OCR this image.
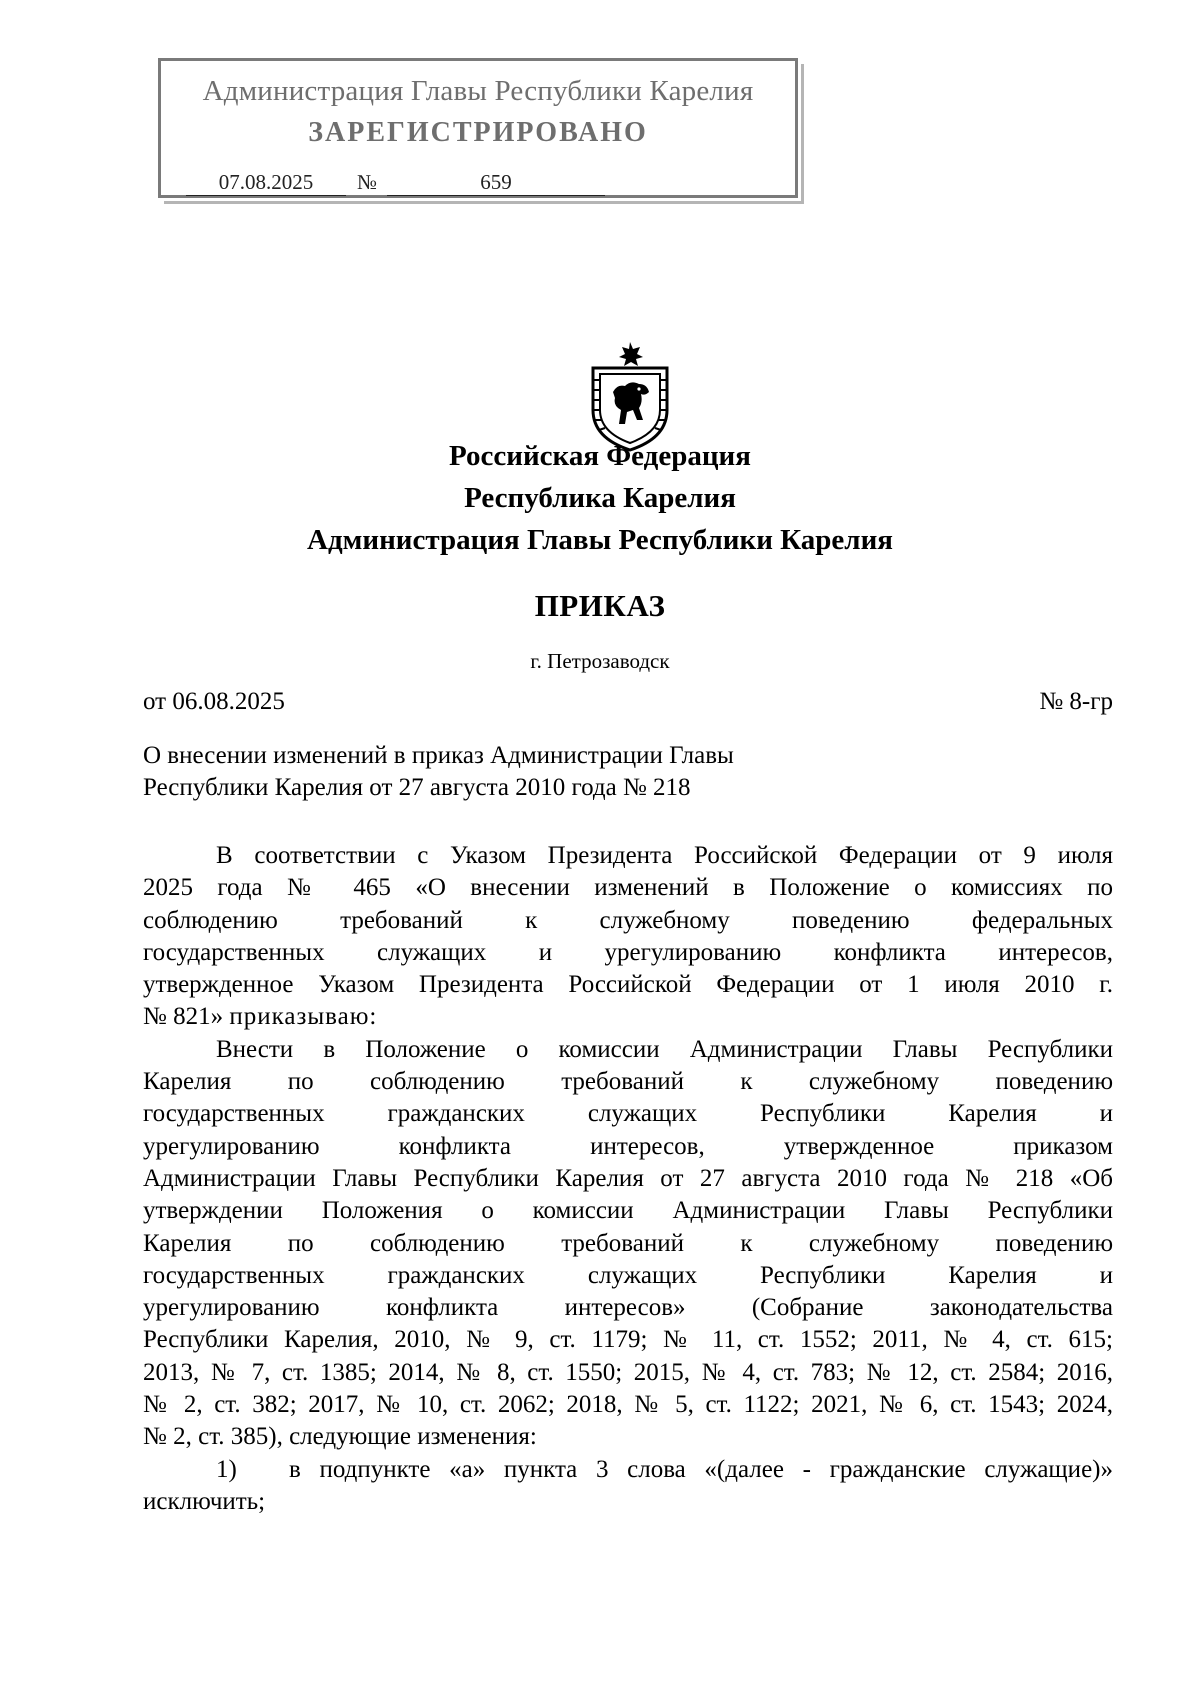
Администрация Главы Республики Карелия
ЗАРЕГИСТРИРОВАНО
07.08.2025	№	659
Российская Федерация
Республика Карелия
Администрация Главы Республики Карелия
ПРИКАЗ
г. Петрозаводск
от 06.08.2025	№ 8-гр
О внесении изменений в приказ Администрации Главы
Республики Карелия от 27 августа 2010 года № 218
В соответствии с Указом Президента Российской Федерации от 9 июля
2025 года № 465 «О внесении изменений в Положение о комиссиях по
соблюдению требований к служебному поведению федеральных
государственных служащих и урегулированию конфликта интересов,
утвержденное Указом Президента Российской Федерации от 1 июля 2010 г.
№ 821» приказываю:
Внести в Положение о комиссии Администрации Главы Республики
Карелия по соблюдению требований к служебному поведению
государственных гражданских служащих Республики Карелия и
урегулированию конфликта интересов, утвержденное приказом
Администрации Главы Республики Карелия от 27 августа 2010 года № 218 «Об
утверждении Положения о комиссии Администрации Главы Республики
Карелия по соблюдению требований к служебному поведению
государственных гражданских служащих Республики Карелия и
урегулированию конфликта интересов» (Собрание законодательства
Республики Карелия, 2010, № 9, ст. 1179; № 11, ст. 1552; 2011, № 4, ст. 615;
2013, № 7, ст. 1385; 2014, № 8, ст. 1550; 2015, № 4, ст. 783; № 12, ст. 2584; 2016,
№ 2, ст. 382; 2017, № 10, ст. 2062; 2018, № 5, ст. 1122; 2021, № 6, ст. 1543; 2024,
№ 2, ст. 385), следующие изменения:
1)	в подпункте «а» пункта 3 слова «(далее - гражданские служащие)»
исключить;
